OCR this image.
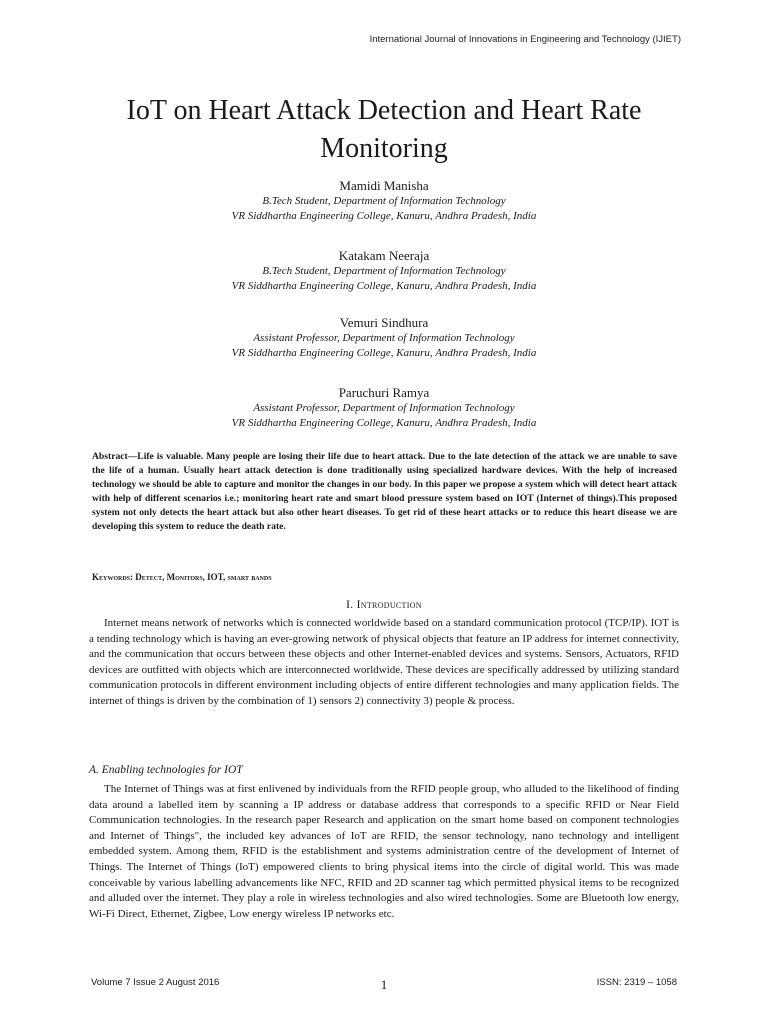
International Journal of Innovations in Engineering and Technology (IJIET)
IoT on Heart Attack Detection and Heart Rate Monitoring
Mamidi Manisha
B.Tech Student, Department of Information Technology
VR Siddhartha Engineering College, Kanuru, Andhra Pradesh, India
Katakam Neeraja
B.Tech Student, Department of Information Technology
VR Siddhartha Engineering College, Kanuru, Andhra Pradesh, India
Vemuri Sindhura
Assistant Professor, Department of Information Technology
VR Siddhartha Engineering College, Kanuru, Andhra Pradesh, India
Paruchuri Ramya
Assistant Professor, Department of Information Technology
VR Siddhartha Engineering College, Kanuru, Andhra Pradesh, India
Abstract—Life is valuable. Many people are losing their life due to heart attack. Due to the late detection of the attack we are unable to save the life of a human. Usually heart attack detection is done traditionally using specialized hardware devices. With the help of increased technology we should be able to capture and monitor the changes in our body. In this paper we propose a system which will detect heart attack with help of different scenarios i.e.; monitoring heart rate and smart blood pressure system based on IOT (Internet of things).This proposed system not only detects the heart attack but also other heart diseases. To get rid of these heart attacks or to reduce this heart disease we are developing this system to reduce the death rate.
Keywords: Detect, Monitors, IOT, smart bands
I. Introduction

Internet means network of networks which is connected worldwide based on a standard communication protocol (TCP/IP). IOT is a tending technology which is having an ever-growing network of physical objects that feature an IP address for internet connectivity, and the communication that occurs between these objects and other Internet-enabled devices and systems. Sensors, Actuators, RFID devices are outfitted with objects which are interconnected worldwide. These devices are specifically addressed by utilizing standard communication protocols in different environment including objects of entire different technologies and many application fields. The internet of things is driven by the combination of 1) sensors 2) connectivity 3) people & process.

A. Enabling technologies for IOT

The Internet of Things was at first enlivened by individuals from the RFID people group, who alluded to the likelihood of finding data around a labelled item by scanning a IP address or database address that corresponds to a specific RFID or Near Field Communication technologies. In the research paper Research and application on the smart home based on component technologies and Internet of Things", the included key advances of IoT are RFID, the sensor technology, nano technology and intelligent embedded system. Among them, RFID is the establishment and systems administration centre of the development of Internet of Things. The Internet of Things (IoT) empowered clients to bring physical items into the circle of digital world. This was made conceivable by various labelling advancements like NFC, RFID and 2D scanner tag which permitted physical items to be recognized and alluded over the internet. They play a role in wireless technologies and also wired technologies. Some are Bluetooth low energy, Wi-Fi Direct, Ethernet, Zigbee, Low energy wireless IP networks etc.

Volume 7 Issue 2 August 2016	1	ISSN: 2319 – 1058
